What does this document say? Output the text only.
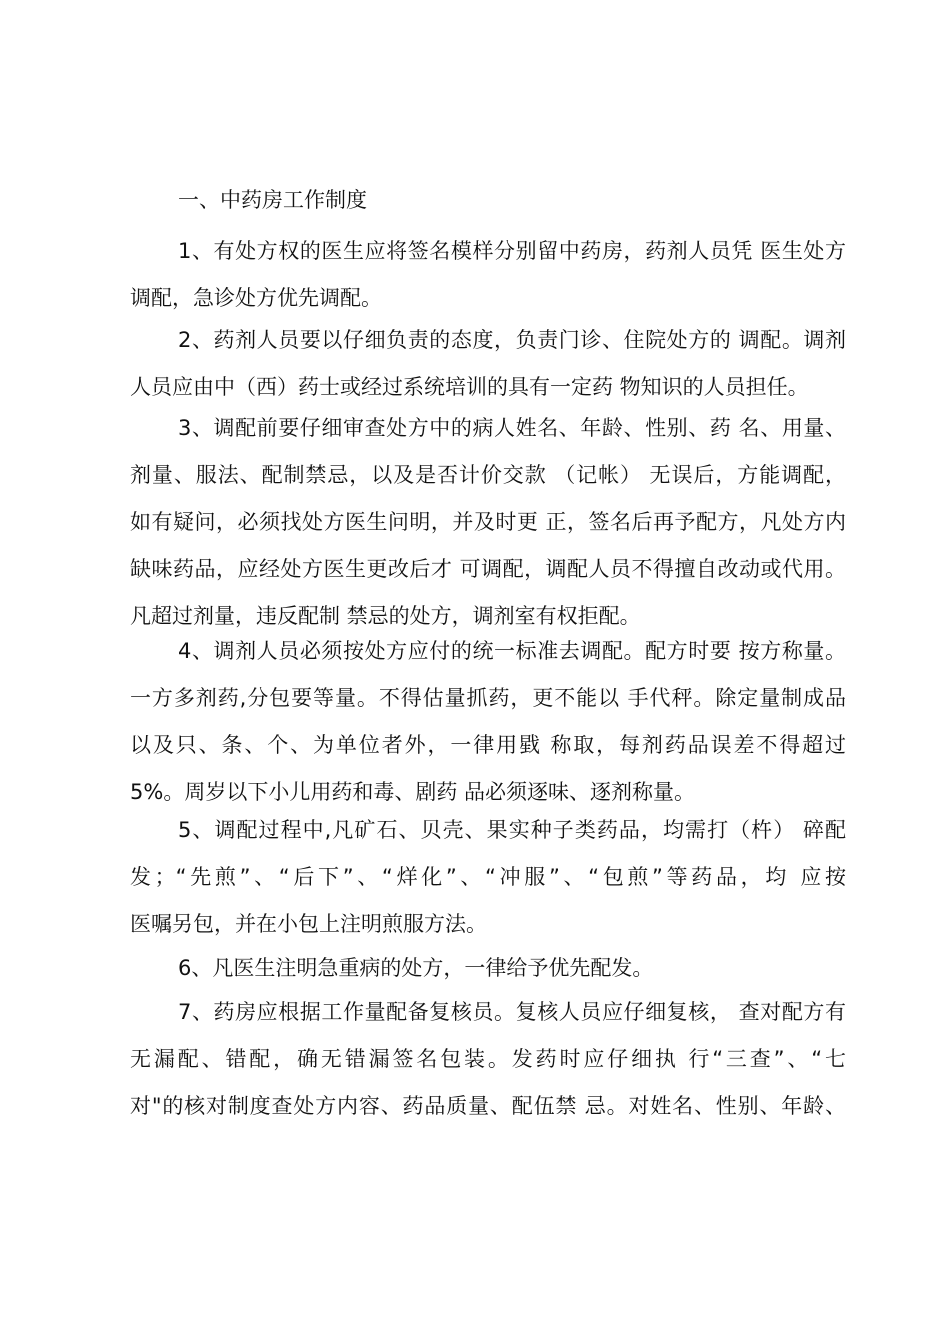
一、中药房工作制度
1、有处方权的医生应将签名模样分别留中药房，药剂人员凭 医生处方
调配，急诊处方优先调配。
2、药剂人员要以仔细负责的态度，负责门诊、住院处方的 调配。调剂
人员应由中（西）药士或经过系统培训的具有一定药 物知识的人员担任。
3、调配前要仔细审查处方中的病人姓名、年龄、性别、药 名、用量、
剂量、服法、配制禁忌，以及是否计价交款 （记帐） 无误后，方能调配，
如有疑问，必须找处方医生问明，并及时更 正，签名后再予配方，凡处方内
缺味药品，应经处方医生更改后才 可调配，调配人员不得擅自改动或代用。
凡超过剂量，违反配制 禁忌的处方，调剂室有权拒配。
4、调剂人员必须按处方应付的统一标准去调配。配方时要 按方称量。
一方多剂药,分包要等量。不得估量抓药，更不能以 手代秤。除定量制成品
以及只、条、个、为单位者外，一律用戥 称取，每剂药品误差不得超过
5%。周岁以下小儿用药和毒、剧药 品必须逐味、逐剂称量。
5、调配过程中,凡矿石、贝壳、果实种子类药品，均需打（杵） 碎配
发；“先煎”、“后下”、“烊化”、“冲服”、“包煎”等药品，均 应按
医嘱另包，并在小包上注明煎服方法。
6、凡医生注明急重病的处方，一律给予优先配发。
7、药房应根据工作量配备复核员。复核人员应仔细复核， 查对配方有
无漏配、错配，确无错漏签名包装。发药时应仔细执 行“三查”、“七
对"的核对制度查处方内容、药品质量、配伍禁 忌。对姓名、性别、年龄、
